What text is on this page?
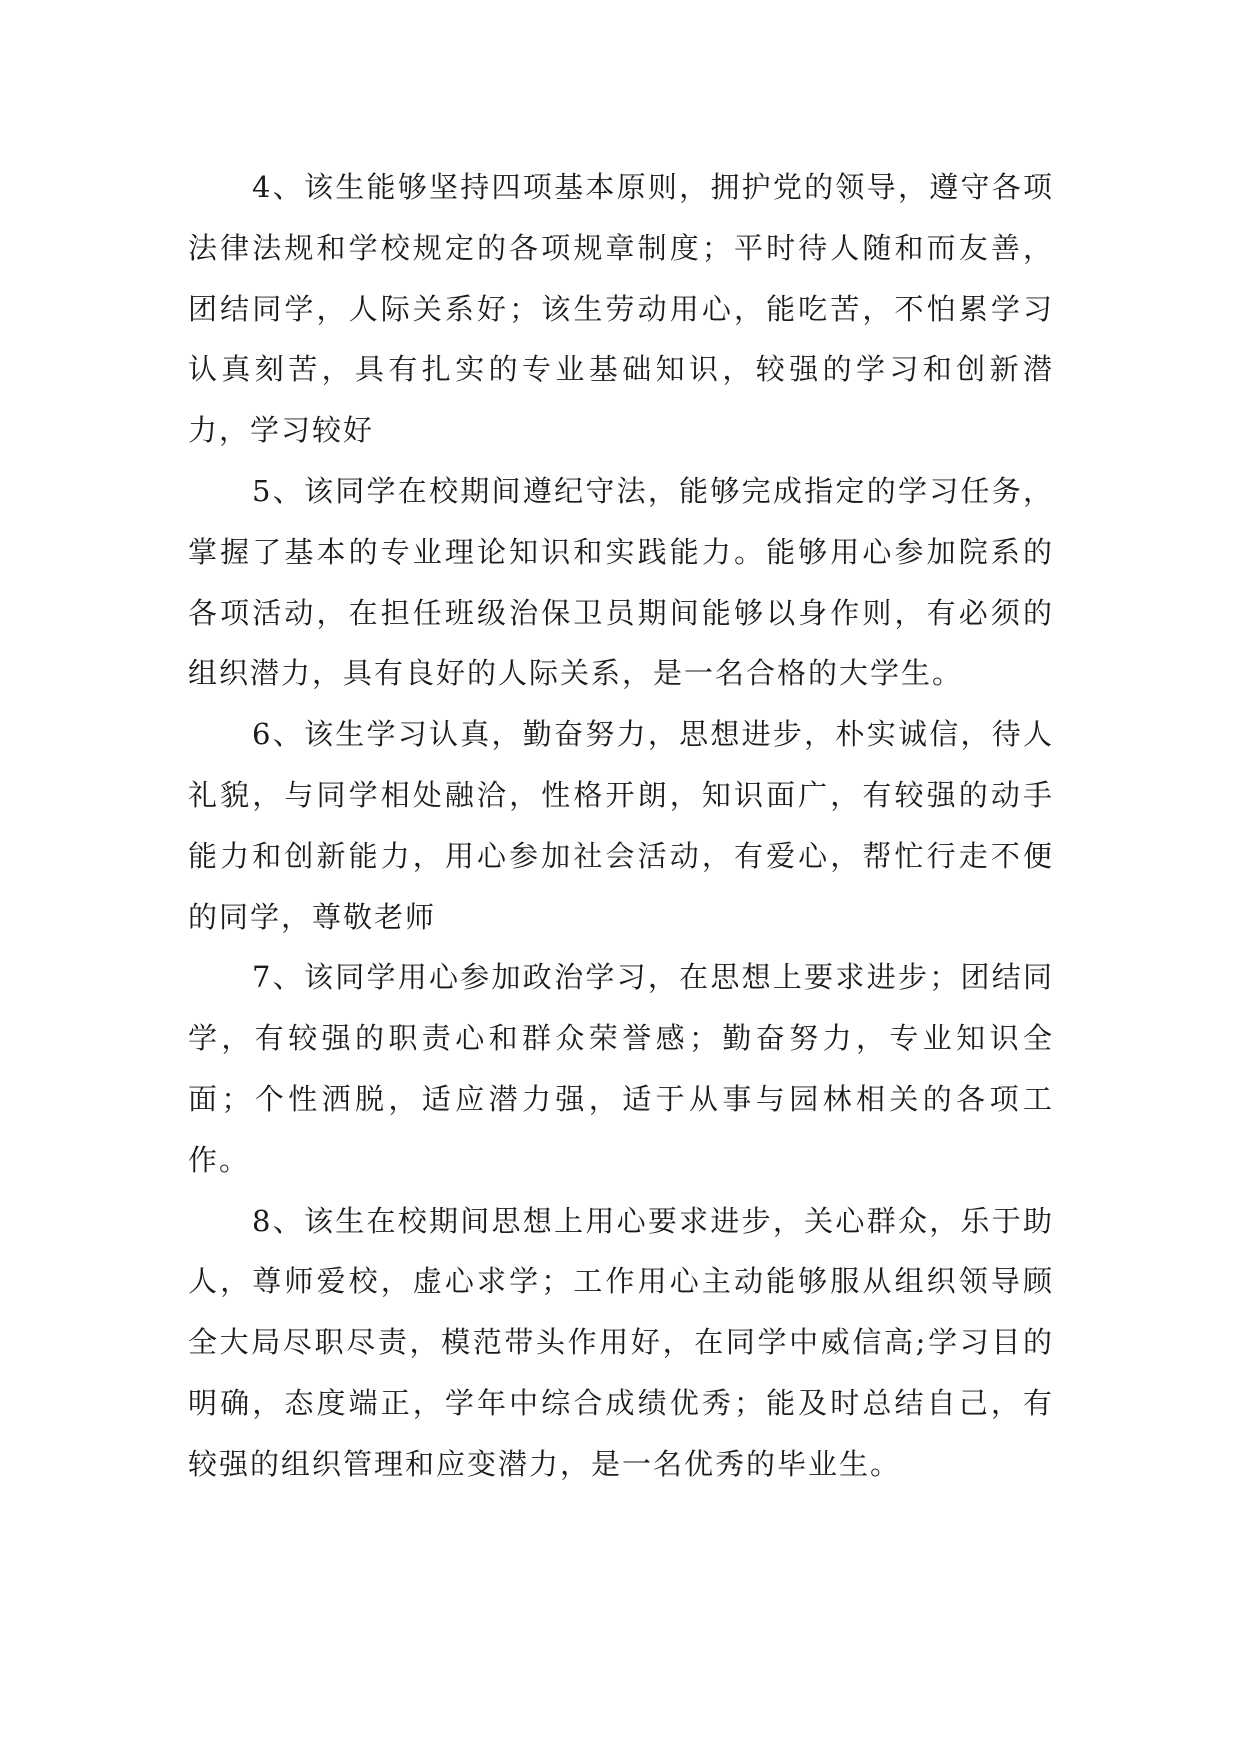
4、该生能够坚持四项基本原则，拥护党的领导，遵守各项法律法规和学校规定的各项规章制度；平时待人随和而友善，团结同学，人际关系好；该生劳动用心，能吃苦，不怕累学习认真刻苦，具有扎实的专业基础知识，较强的学习和创新潜力，学习较好

5、该同学在校期间遵纪守法，能够完成指定的学习任务，掌握了基本的专业理论知识和实践能力。能够用心参加院系的各项活动，在担任班级治保卫员期间能够以身作则，有必须的组织潜力，具有良好的人际关系，是一名合格的大学生。

6、该生学习认真，勤奋努力，思想进步，朴实诚信，待人礼貌，与同学相处融洽，性格开朗，知识面广，有较强的动手能力和创新能力，用心参加社会活动，有爱心，帮忙行走不便的同学，尊敬老师

7、该同学用心参加政治学习，在思想上要求进步；团结同学，有较强的职责心和群众荣誉感；勤奋努力，专业知识全面；个性洒脱，适应潜力强，适于从事与园林相关的各项工作。

8、该生在校期间思想上用心要求进步，关心群众，乐于助人，尊师爱校，虚心求学；工作用心主动能够服从组织领导顾全大局尽职尽责，模范带头作用好，在同学中威信高;学习目的明确，态度端正，学年中综合成绩优秀；能及时总结自己，有较强的组织管理和应变潜力，是一名优秀的毕业生。
